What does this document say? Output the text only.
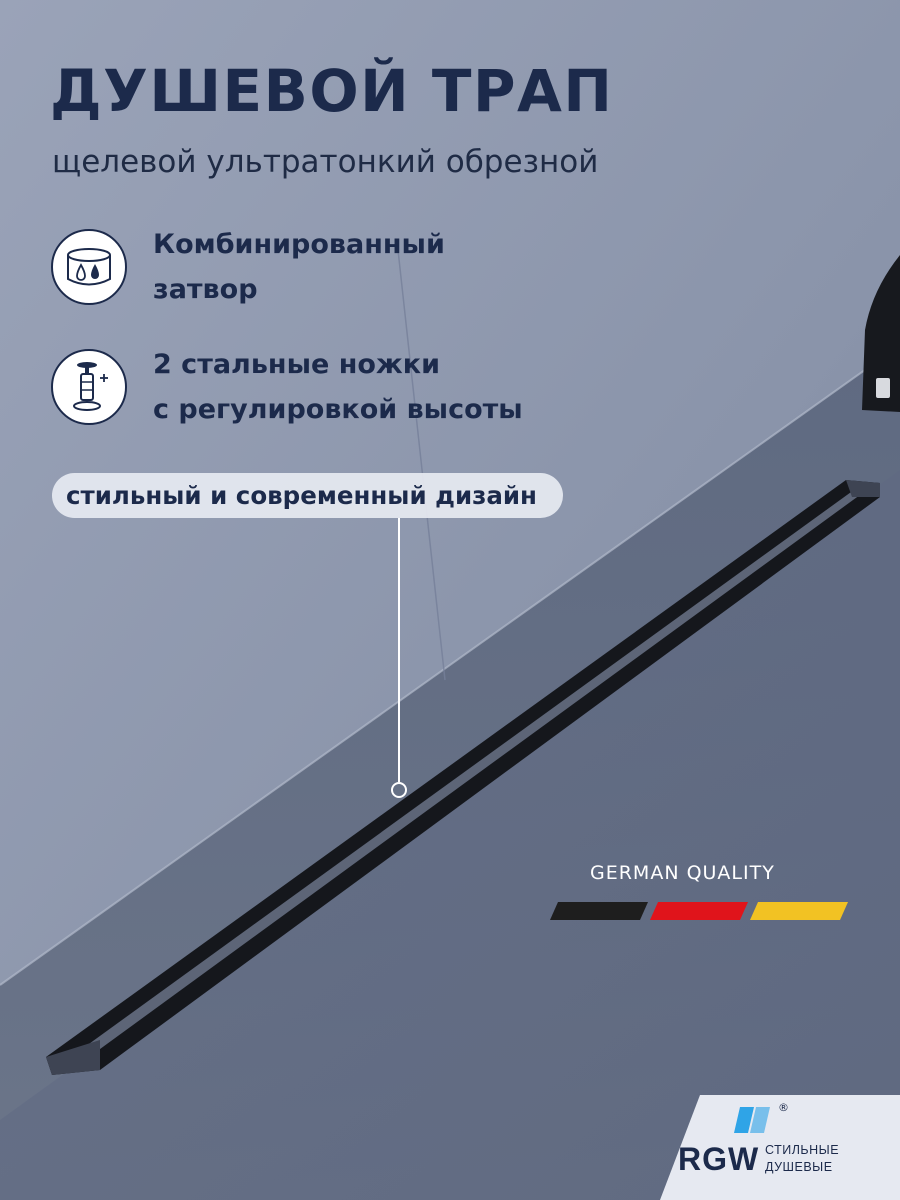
ДУШЕВОЙ ТРАП
щелевой ультратонкий обрезной
Комбинированный
затвор
2 стальные ножки
с регулировкой высоты
стильный и современный дизайн
GERMAN QUALITY
®
RGW СТИЛЬНЫЕ
ДУШЕВЫЕ
